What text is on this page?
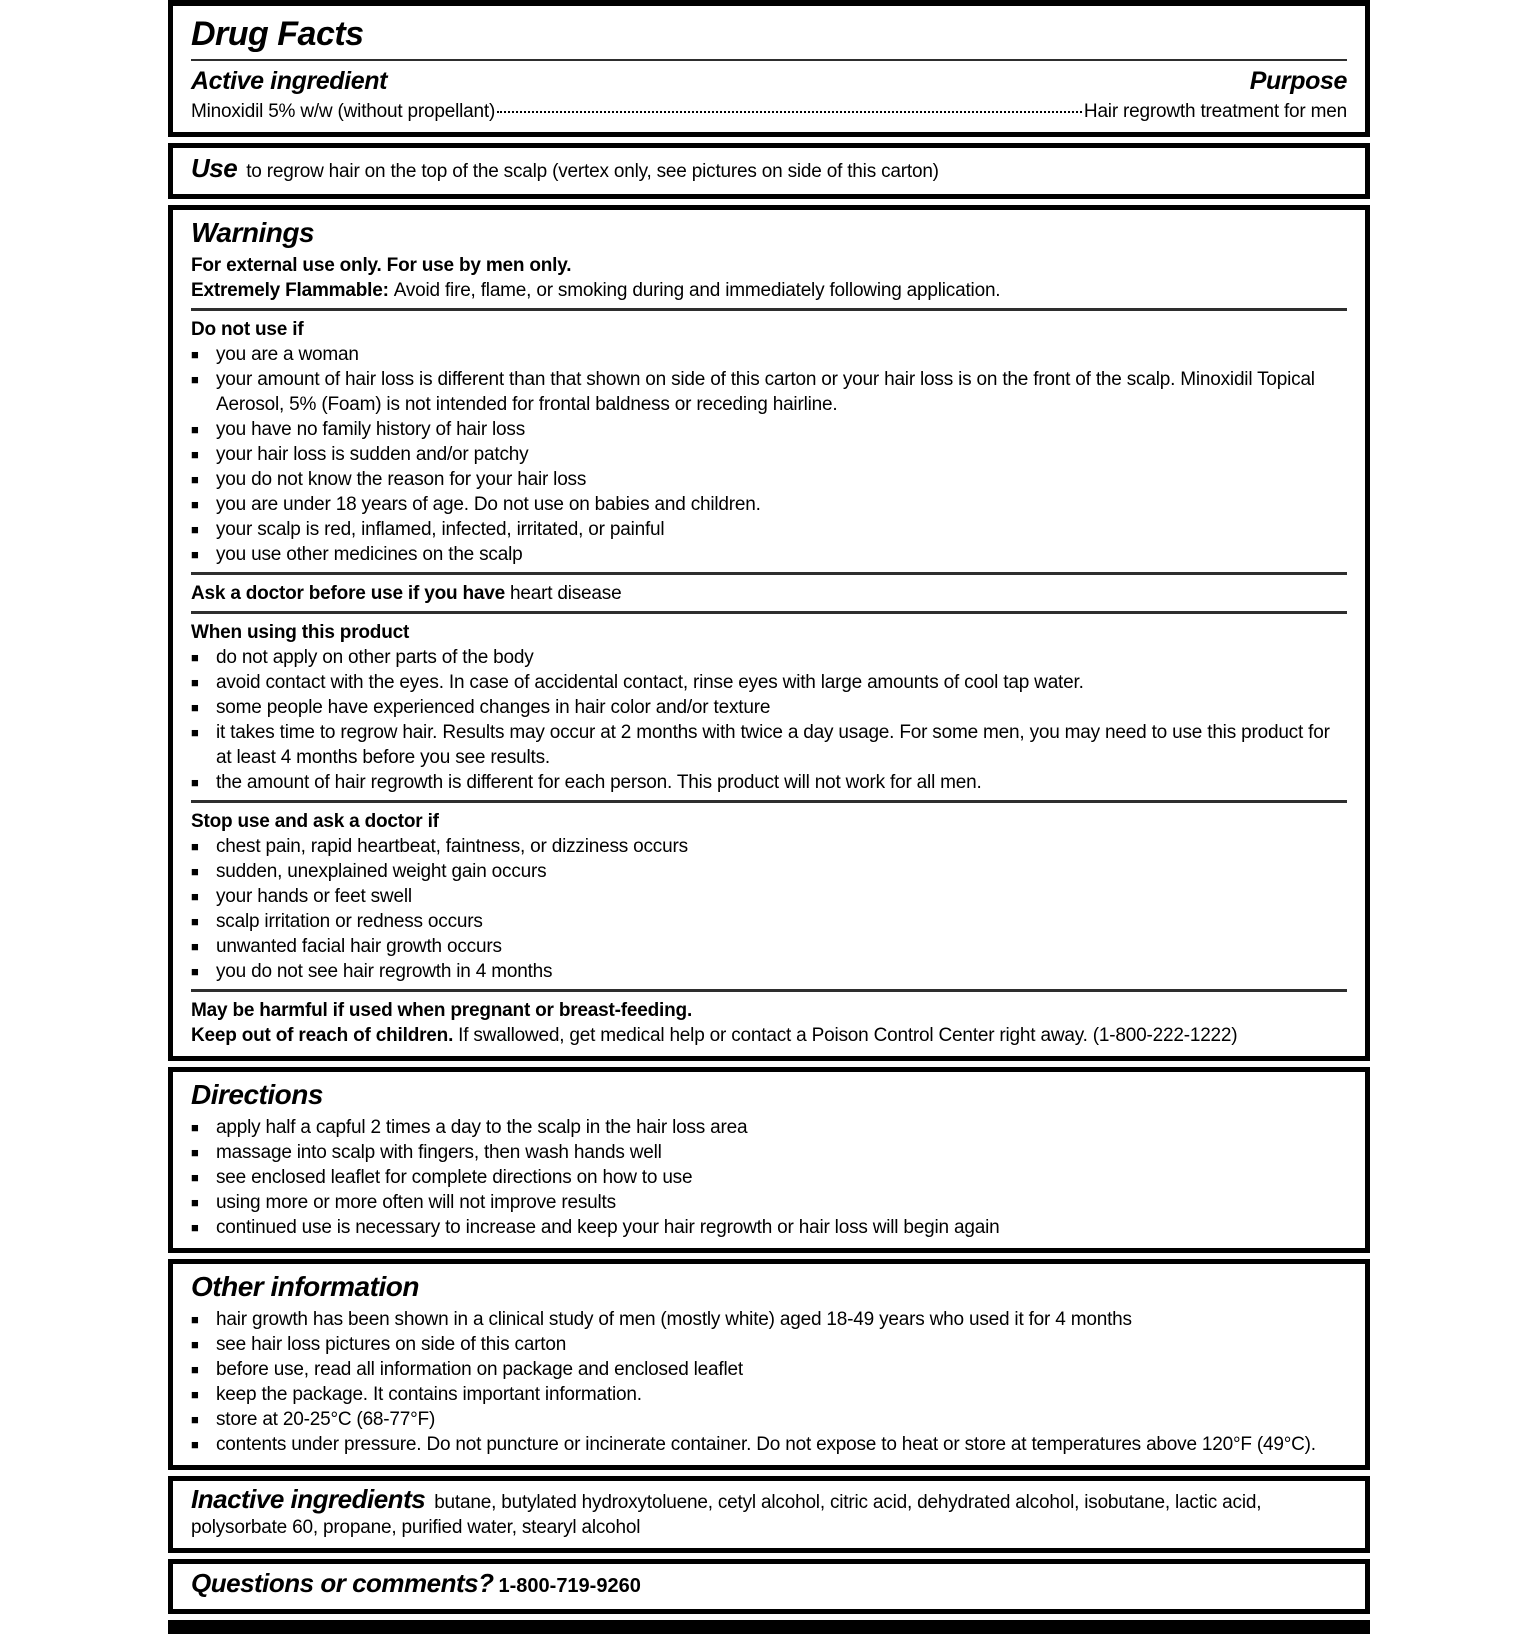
Drug Facts
Active ingredient	Purpose
Minoxidil 5% w/w (without propellant)	Hair regrowth treatment for men

Use to regrow hair on the top of the scalp (vertex only, see pictures on side of this carton)

Warnings

For external use only. For use by men only.

Extremely Flammable: Avoid fire, flame, or smoking during and immediately following application.

Do not use if

■ you are a woman
■ your amount of hair loss is different than that shown on side of this carton or your hair loss is on the front of the scalp. Minoxidil Topical Aerosol, 5% (Foam) is not intended for frontal baldness or receding hairline.
■ you have no family history of hair loss
■ your hair loss is sudden and/or patchy
■ you do not know the reason for your hair loss
■ you are under 18 years of age. Do not use on babies and children.
■ your scalp is red, inflamed, infected, irritated, or painful
■ you use other medicines on the scalp

Ask a doctor before use if you have heart disease

When using this product

■ do not apply on other parts of the body
■ avoid contact with the eyes. In case of accidental contact, rinse eyes with large amounts of cool tap water.
■ some people have experienced changes in hair color and/or texture
■ it takes time to regrow hair. Results may occur at 2 months with twice a day usage. For some men, you may need to use this product for at least 4 months before you see results.
■ the amount of hair regrowth is different for each person. This product will not work for all men.

Stop use and ask a doctor if

■ chest pain, rapid heartbeat, faintness, or dizziness occurs
■ sudden, unexplained weight gain occurs
■ your hands or feet swell
■ scalp irritation or redness occurs
■ unwanted facial hair growth occurs
■ you do not see hair regrowth in 4 months

May be harmful if used when pregnant or breast-feeding.

Keep out of reach of children. If swallowed, get medical help or contact a Poison Control Center right away. (1-800-222-1222)

Directions
■ apply half a capful 2 times a day to the scalp in the hair loss area
■ massage into scalp with fingers, then wash hands well
■ see enclosed leaflet for complete directions on how to use
■ using more or more often will not improve results
■ continued use is necessary to increase and keep your hair regrowth or hair loss will begin again
Other information
■ hair growth has been shown in a clinical study of men (mostly white) aged 18-49 years who used it for 4 months
■ see hair loss pictures on side of this carton
■ before use, read all information on package and enclosed leaflet
■ keep the package. It contains important information.
■ store at 20-25°C (68-77°F)
■ contents under pressure. Do not puncture or incinerate container. Do not expose to heat or store at temperatures above 120°F (49°C).

Inactive ingredients butane, butylated hydroxytoluene, cetyl alcohol, citric acid, dehydrated alcohol, isobutane, lactic acid, polysorbate 60, propane, purified water, stearyl alcohol

Questions or comments? 1-800-719-9260
